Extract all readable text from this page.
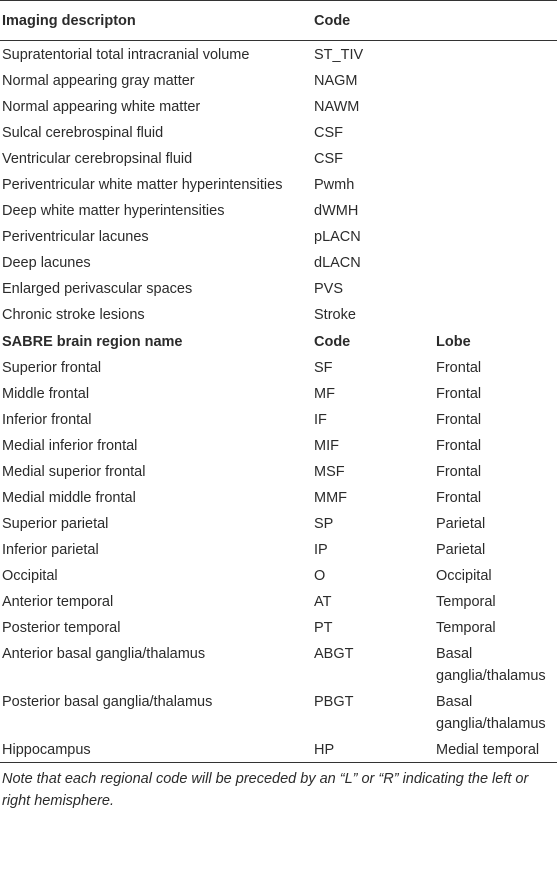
Imaging descripton	Code	
Supratentorial total intracranial volume	ST_TIV	
Normal appearing gray matter	NAGM	
Normal appearing white matter	NAWM	
Sulcal cerebrospinal fluid	CSF	
Ventricular cerebropsinal fluid	CSF	
Periventricular white matter hyperintensities	Pwmh	
Deep white matter hyperintensities	dWMH	
Periventricular lacunes	pLACN	
Deep lacunes	dLACN	
Enlarged perivascular spaces	PVS	
Chronic stroke lesions	Stroke	
SABRE brain region name	Code	Lobe
Superior frontal	SF	Frontal
Middle frontal	MF	Frontal
Inferior frontal	IF	Frontal
Medial inferior frontal	MIF	Frontal
Medial superior frontal	MSF	Frontal
Medial middle frontal	MMF	Frontal
Superior parietal	SP	Parietal
Inferior parietal	IP	Parietal
Occipital	O	Occipital
Anterior temporal	AT	Temporal
Posterior temporal	PT	Temporal
Anterior basal ganglia/thalamus	ABGT	Basal ganglia/thalamus
Posterior basal ganglia/thalamus	PBGT	Basal ganglia/thalamus
Hippocampus	HP	Medial temporal
Note that each regional code will be preceded by an “L” or “R” indicating the left or right hemisphere.
